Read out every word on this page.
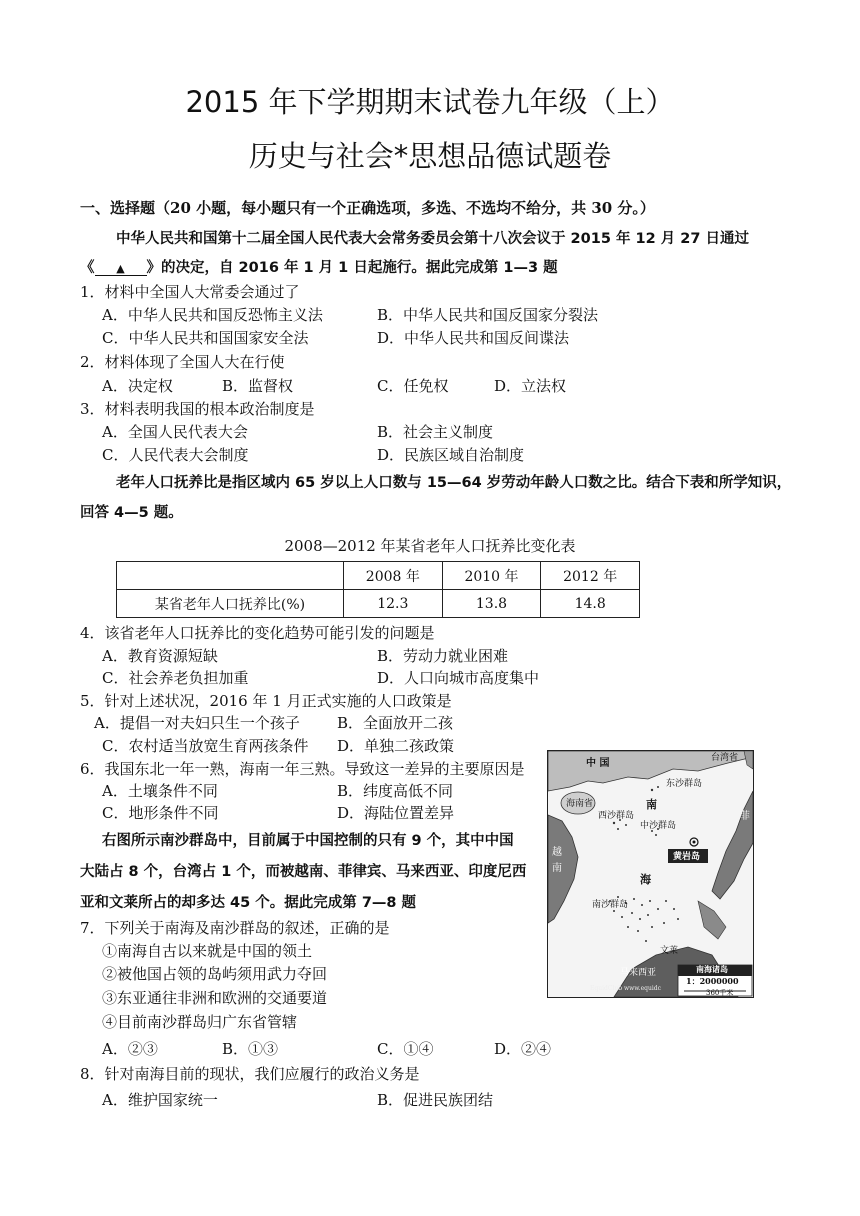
2015 年下学期期末试卷九年级（上）
历史与社会*思想品德试题卷
一、选择题（20 小题，每小题只有一个正确选项，多选、不选均不给分，共 30 分。）
中华人民共和国第十二届全国人民代表大会常务委员会第十八次会议于 2015 年 12 月 27 日通过
《 ▲ 》的决定，自 2016 年 1 月 1 日起施行。据此完成第 1—3 题
1．材料中全国人大常委会通过了
A．中华人民共和国反恐怖主义法	B．中华人民共和国反国家分裂法
C．中华人民共和国国家安全法	D．中华人民共和国反间谍法
2．材料体现了全国人大在行使
A．决定权	B．监督权	C．任免权	D．立法权
3．材料表明我国的根本政治制度是
A．全国人民代表大会	B．社会主义制度
C．人民代表大会制度	D．民族区域自治制度
老年人口抚养比是指区域内 65 岁以上人口数与 15—64 岁劳动年龄人口数之比。结合下表和所学知识，
回答 4—5 题。
2008—2012 年某省老年人口抚养比变化表
	2008 年	2010 年	2012 年
某省老年人口抚养比(%)	12.3	13.8	14.8
4．该省老年人口抚养比的变化趋势可能引发的问题是
A．教育资源短缺	B．劳动力就业困难
C．社会养老负担加重	D．人口向城市高度集中
5．针对上述状况，2016 年 1 月正式实施的人口政策是
A．提倡一对夫妇只生一个孩子 B．全面放开二孩
C．农村适当放宽生育两孩条件 D．单独二孩政策
6．我国东北一年一熟，海南一年三熟。导致这一差异的主要原因是
A．土壤条件不同	B．纬度高低不同
C．地形条件不同	D．海陆位置差异
右图所示南沙群岛中，目前属于中国控制的只有 9 个，其中中国
大陆占 8 个，台湾占 1 个，而被越南、菲律宾、马来西亚、印度尼西
亚和文莱所占的却多达 45 个。据此完成第 7—8 题
中 国	台湾省
东沙群岛
海南省	南
西沙群岛
中沙群岛
黄岩岛
越
南
菲
海
南沙群岛
文莱
马来西亚	南海诸岛
1：2000000
360千米
EquidClub www.equidc
7．下列关于南海及南沙群岛的叙述，正确的是
①南海自古以来就是中国的领土
②被他国占领的岛屿须用武力夺回
③东亚通往非洲和欧洲的交通要道
④目前南沙群岛归广东省管辖
A．②③	B．①③	C．①④	D．②④
8．针对南海目前的现状，我们应履行的政治义务是
A．维护国家统一	B．促进民族团结
